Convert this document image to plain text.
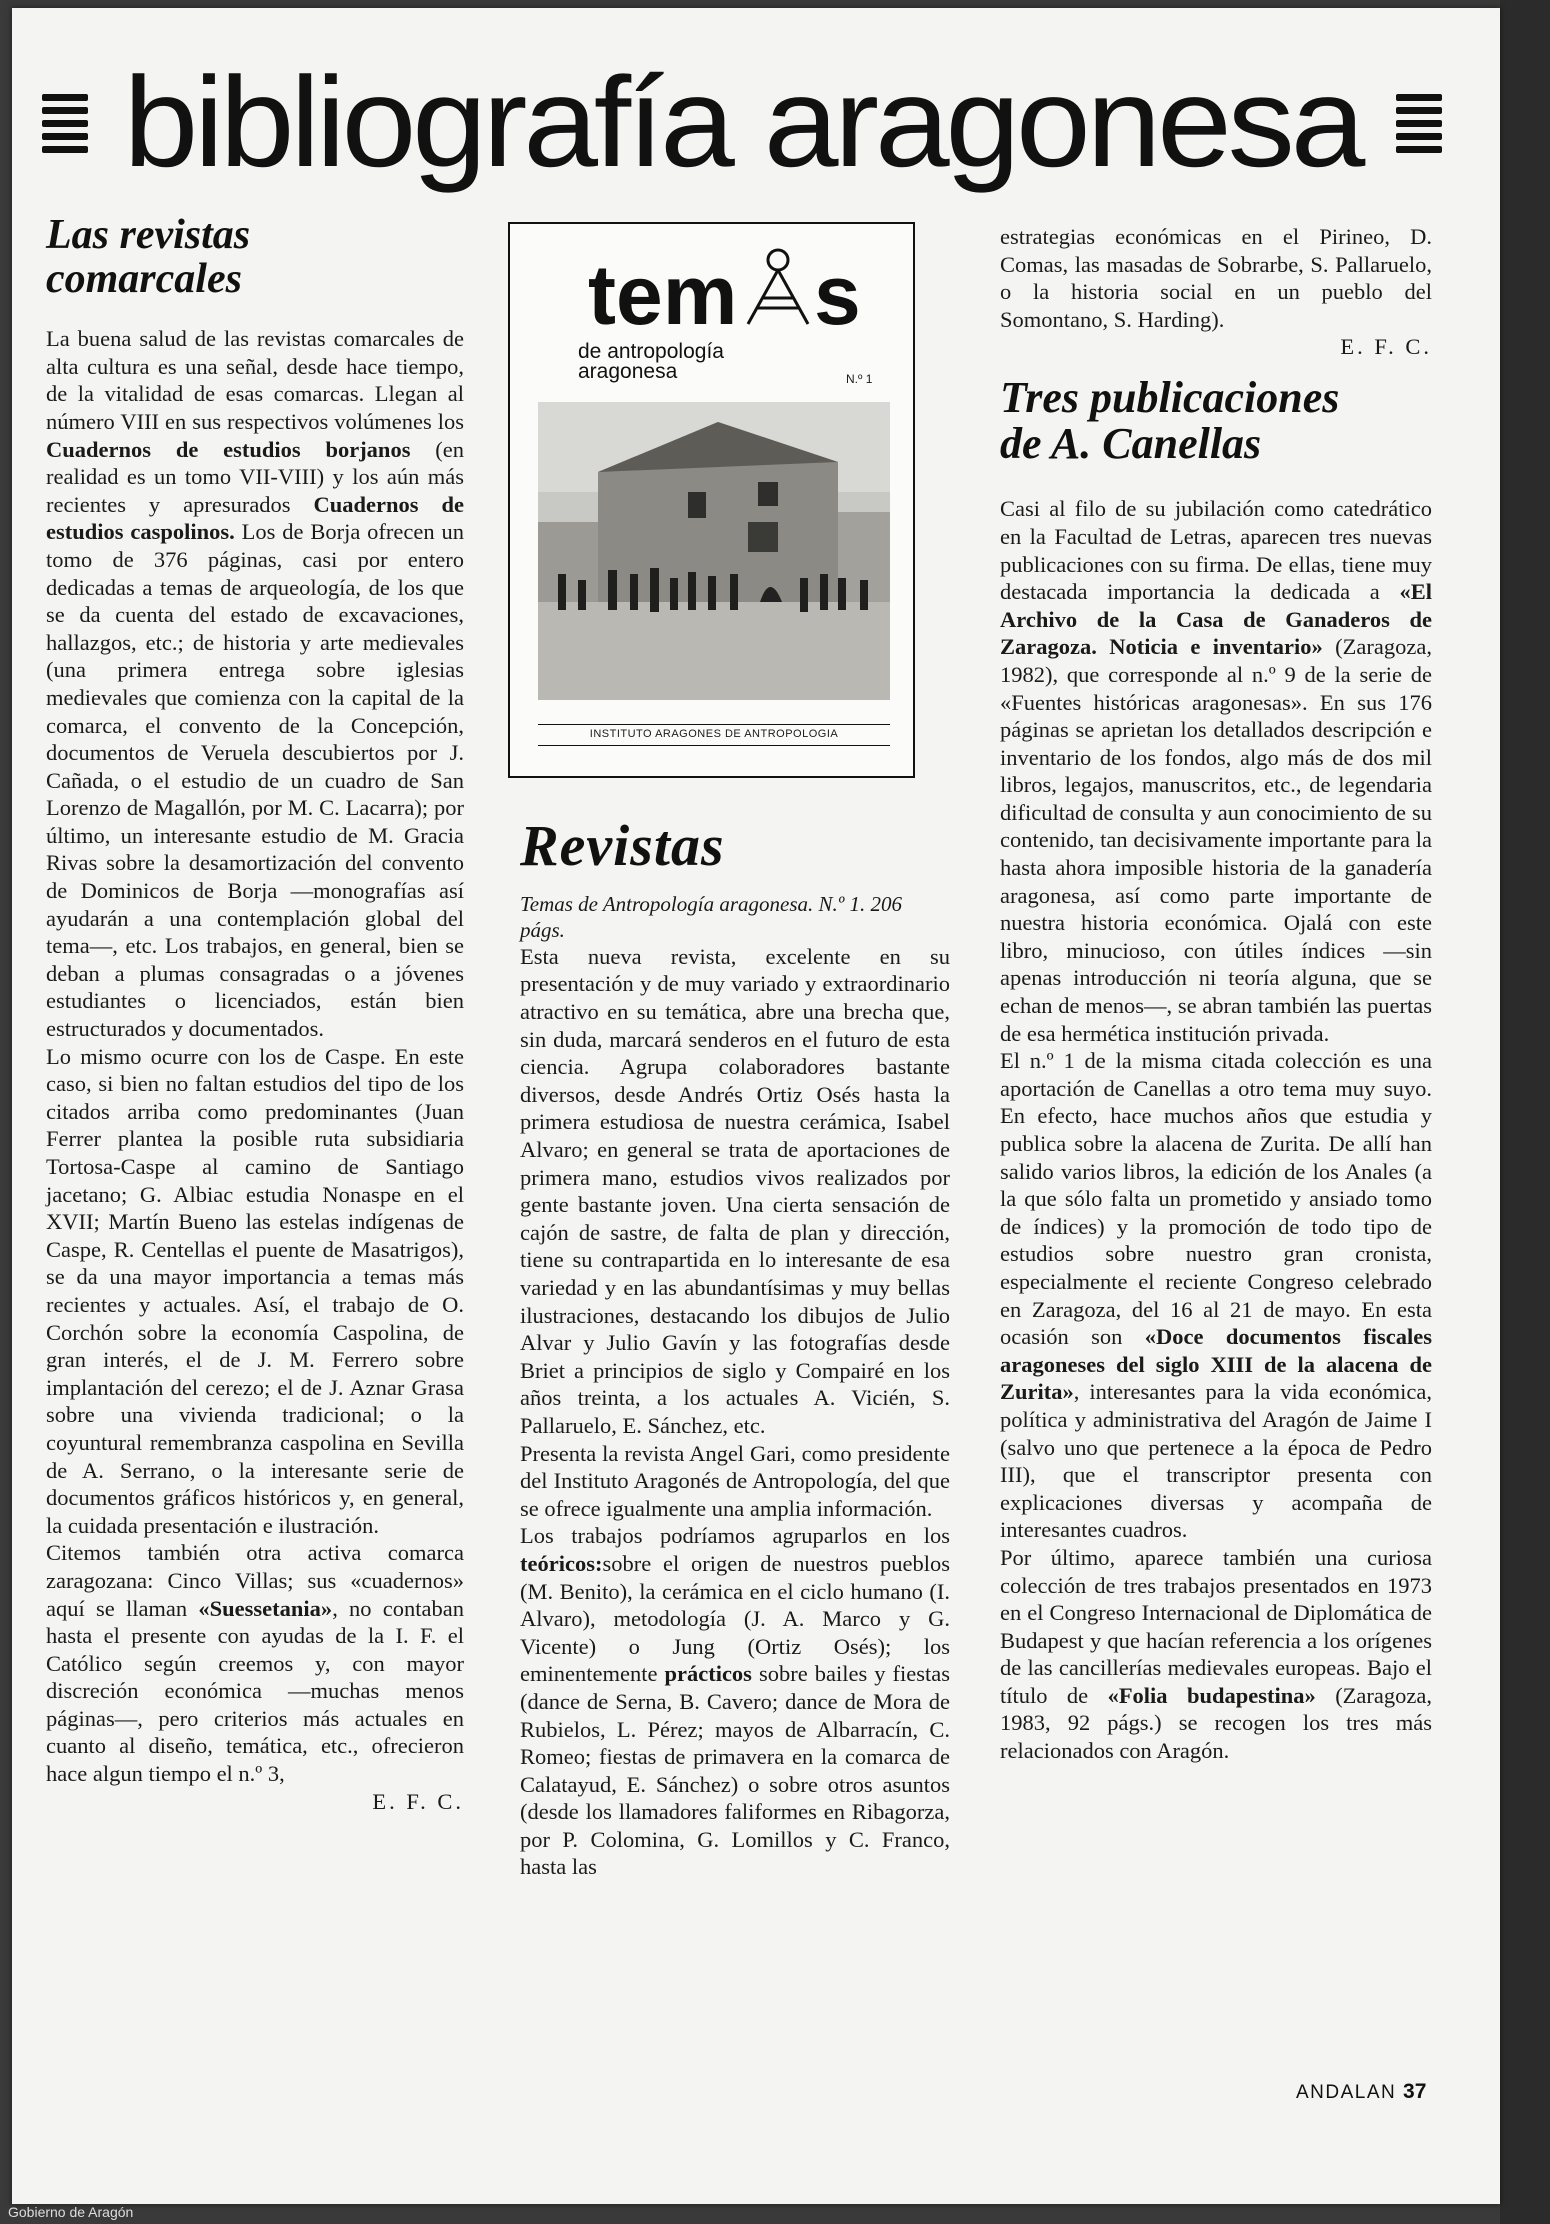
bibliografía aragonesa
Las revistas
comarcales

La buena salud de las revistas comarcales de alta cultura es una señal, desde hace tiempo, de la vitalidad de esas comarcas. Llegan al número VIII en sus respectivos volúmenes los Cuadernos de estudios borjanos (en realidad es un tomo VII-VIII) y los aún más recientes y apresurados Cuadernos de estudios caspolinos. Los de Borja ofrecen un tomo de 376 páginas, casi por entero dedicadas a temas de arqueología, de los que se da cuenta del estado de excavaciones, hallazgos, etc.; de historia y arte medievales (una primera entrega sobre iglesias medievales que comienza con la capital de la comarca, el convento de la Concepción, documentos de Veruela descubiertos por J. Cañada, o el estudio de un cuadro de San Lorenzo de Magallón, por M. C. Lacarra); por último, un interesante estudio de M. Gracia Rivas sobre la desamortización del convento de Dominicos de Borja —monografías así ayudarán a una contemplación global del tema—, etc. Los trabajos, en general, bien se deban a plumas consagradas o a jóvenes estudiantes o licenciados, están bien estructurados y documentados.

Lo mismo ocurre con los de Caspe. En este caso, si bien no faltan estudios del tipo de los citados arriba como predominantes (Juan Ferrer plantea la posible ruta subsidiaria Tortosa-Caspe al camino de Santiago jacetano; G. Albiac estudia Nonaspe en el XVII; Martín Bueno las estelas indígenas de Caspe, R. Centellas el puente de Masatrigos), se da una mayor importancia a temas más recientes y actuales. Así, el trabajo de O. Corchón sobre la economía Caspolina, de gran interés, el de J. M. Ferrero sobre implantación del cerezo; el de J. Aznar Grasa sobre una vivienda tradicional; o la coyuntural remembranza caspolina en Sevilla de A. Serrano, o la interesante serie de documentos gráficos históricos y, en general, la cuidada presentación e ilustración.

Citemos también otra activa comarca zaragozana: Cinco Villas; sus «cuadernos» aquí se llaman «Suessetania», no contaban hasta el presente con ayudas de la I. F. el Católico según creemos y, con mayor discreción económica —muchas menos páginas—, pero criterios más actuales en cuanto al diseño, temática, etc., ofrecieron hace algun tiempo el n.º 3,

E. F. C.

tem s
de antropología
aragonesa	N.º 1
INSTITUTO ARAGONES DE ANTROPOLOGIA
Revistas

Temas de Antropología aragonesa. N.º 1. 206 págs.

Esta nueva revista, excelente en su presentación y de muy variado y extraordinario atractivo en su temática, abre una brecha que, sin duda, marcará senderos en el futuro de esta ciencia. Agrupa colaboradores bastante diversos, desde Andrés Ortiz Osés hasta la primera estudiosa de nuestra cerámica, Isabel Alvaro; en general se trata de aportaciones de primera mano, estudios vivos realizados por gente bastante joven. Una cierta sensación de cajón de sastre, de falta de plan y dirección, tiene su contrapartida en lo interesante de esa variedad y en las abundantísimas y muy bellas ilustraciones, destacando los dibujos de Julio Alvar y Julio Gavín y las fotografías desde Briet a principios de siglo y Compairé en los años treinta, a los actuales A. Vicién, S. Pallaruelo, E. Sánchez, etc.

Presenta la revista Angel Gari, como presidente del Instituto Aragonés de Antropología, del que se ofrece igualmente una amplia información.

Los trabajos podríamos agruparlos en los teóricos:sobre el origen de nuestros pueblos (M. Benito), la cerámica en el ciclo humano (I. Alvaro), metodología (J. A. Marco y G. Vicente) o Jung (Ortiz Osés); los eminentemente prácticos sobre bailes y fiestas (dance de Serna, B. Cavero; dance de Mora de Rubielos, L. Pérez; mayos de Albarracín, C. Romeo; fiestas de primavera en la comarca de Calatayud, E. Sánchez) o sobre otros asuntos (desde los llamadores faliformes en Ribagorza, por P. Colomina, G. Lomillos y C. Franco, hasta las

estrategias económicas en el Pirineo, D. Comas, las masadas de Sobrarbe, S. Pallaruelo, o la historia social en un pueblo del Somontano, S. Harding).

E. F. C.

Tres publicaciones
de A. Canellas

Casi al filo de su jubilación como catedrático en la Facultad de Letras, aparecen tres nuevas publicaciones con su firma. De ellas, tiene muy destacada importancia la dedicada a «El Archivo de la Casa de Ganaderos de Zaragoza. Noticia e inventario» (Zaragoza, 1982), que corresponde al n.º 9 de la serie de «Fuentes históricas aragonesas». En sus 176 páginas se aprietan los detallados descripción e inventario de los fondos, algo más de dos mil libros, legajos, manuscritos, etc., de legendaria dificultad de consulta y aun conocimiento de su contenido, tan decisivamente importante para la hasta ahora imposible historia de la ganadería aragonesa, así como parte importante de nuestra historia económica. Ojalá con este libro, minucioso, con útiles índices —sin apenas introducción ni teoría alguna, que se echan de menos—, se abran también las puertas de esa hermética institución privada.

El n.º 1 de la misma citada colección es una aportación de Canellas a otro tema muy suyo. En efecto, hace muchos años que estudia y publica sobre la alacena de Zurita. De allí han salido varios libros, la edición de los Anales (a la que sólo falta un prometido y ansiado tomo de índices) y la promoción de todo tipo de estudios sobre nuestro gran cronista, especialmente el reciente Congreso celebrado en Zaragoza, del 16 al 21 de mayo. En esta ocasión son «Doce documentos fiscales aragoneses del siglo XIII de la alacena de Zurita», interesantes para la vida económica, política y administrativa del Aragón de Jaime I (salvo uno que pertenece a la época de Pedro III), que el transcriptor presenta con explicaciones diversas y acompaña de interesantes cuadros.

Por último, aparece también una curiosa colección de tres trabajos presentados en 1973 en el Congreso Internacional de Diplomática de Budapest y que hacían referencia a los orígenes de las cancillerías medievales europeas. Bajo el título de «Folia budapestina» (Zaragoza, 1983, 92 págs.) se recogen los tres más relacionados con Aragón.

ANDALAN 37
Gobierno de Aragón
